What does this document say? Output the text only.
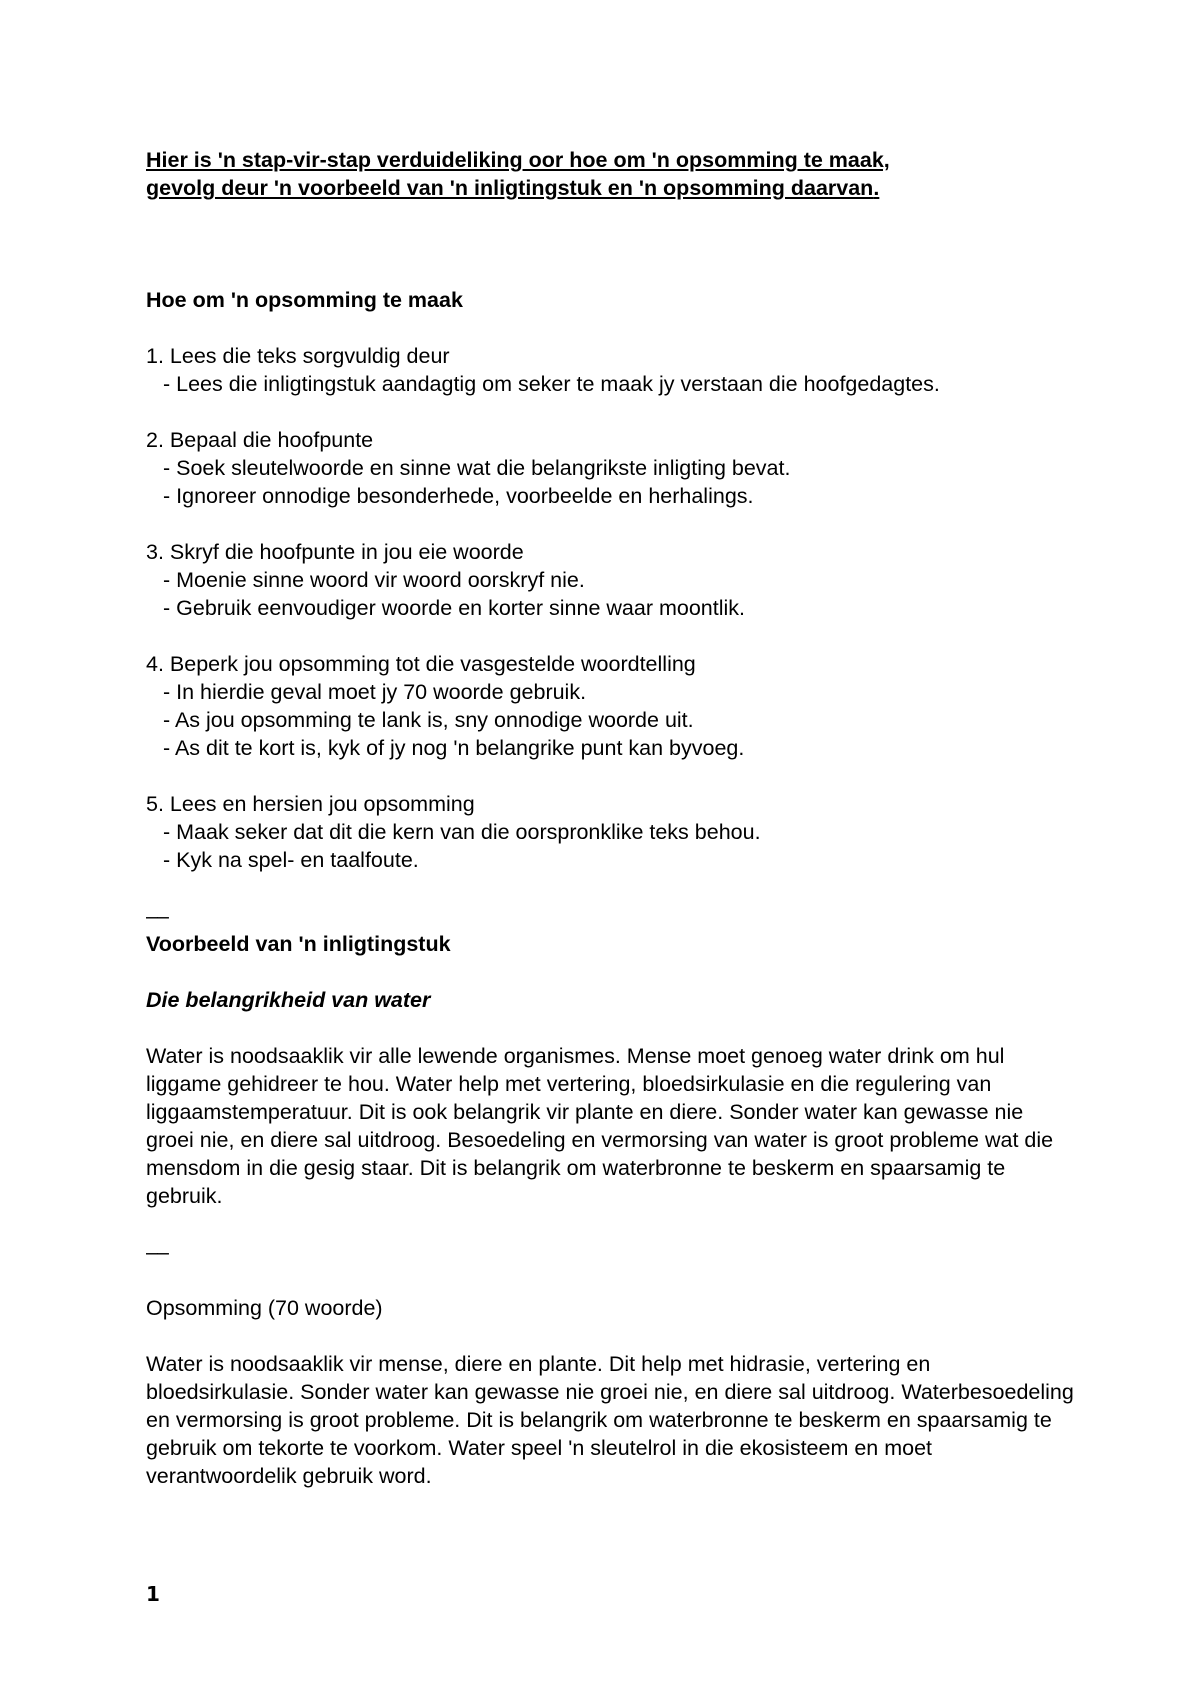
Hier is 'n stap-vir-stap verduideliking oor hoe om 'n opsomming te maak,
gevolg deur 'n voorbeeld van 'n inligtingstuk en 'n opsomming daarvan.

Hoe om 'n opsomming te maak

1. Lees die teks sorgvuldig deur
- Lees die inligtingstuk aandagtig om seker te maak jy verstaan die hoofgedagtes.
2. Bepaal die hoofpunte
- Soek sleutelwoorde en sinne wat die belangrikste inligting bevat.
- Ignoreer onnodige besonderhede, voorbeelde en herhalings.
3. Skryf die hoofpunte in jou eie woorde
- Moenie sinne woord vir woord oorskryf nie.
- Gebruik eenvoudiger woorde en korter sinne waar moontlik.
4. Beperk jou opsomming tot die vasgestelde woordtelling
- In hierdie geval moet jy 70 woorde gebruik.
- As jou opsomming te lank is, sny onnodige woorde uit.
- As dit te kort is, kyk of jy nog 'n belangrike punt kan byvoeg.
5. Lees en hersien jou opsomming
- Maak seker dat dit die kern van die oorspronklike teks behou.
- Kyk na spel- en taalfoute.

––

Voorbeeld van 'n inligtingstuk

Die belangrikheid van water

Water is noodsaaklik vir alle lewende organismes. Mense moet genoeg water drink om hul liggame gehidreer te hou. Water help met vertering, bloedsirkulasie en die regulering van liggaamstemperatuur. Dit is ook belangrik vir plante en diere. Sonder water kan gewasse nie groei nie, en diere sal uitdroog. Besoedeling en vermorsing van water is groot probleme wat die mensdom in die gesig staar. Dit is belangrik om waterbronne te beskerm en spaarsamig te gebruik.

––

Opsomming (70 woorde)

Water is noodsaaklik vir mense, diere en plante. Dit help met hidrasie, vertering en bloedsirkulasie. Sonder water kan gewasse nie groei nie, en diere sal uitdroog. Waterbesoedeling en vermorsing is groot probleme. Dit is belangrik om waterbronne te beskerm en spaarsamig te gebruik om tekorte te voorkom. Water speel 'n sleutelrol in die ekosisteem en moet verantwoordelik gebruik word.

1
